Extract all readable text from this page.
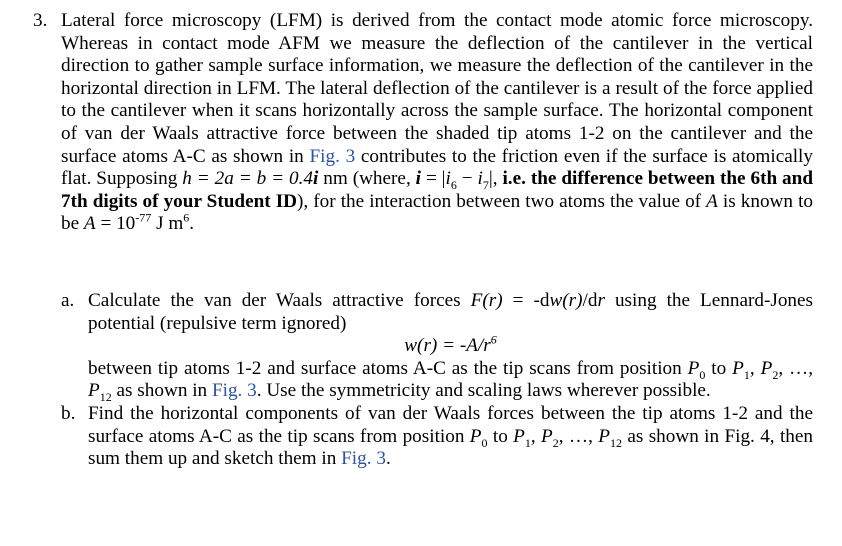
3. Lateral force microscopy (LFM) is derived from the contact mode atomic force microscopy. Whereas in contact mode AFM we measure the deflection of the cantilever in the vertical direction to gather sample surface information, we measure the deflection of the cantilever in the horizontal direction in LFM. The lateral deflection of the cantilever is a result of the force applied to the cantilever when it scans horizontally across the sample surface. The horizontal component of van der Waals attractive force between the shaded tip atoms 1-2 on the cantilever and the surface atoms A-C as shown in Fig. 3 contributes to the friction even if the surface is atomically flat. Supposing h = 2a = b = 0.4i nm (where, $i = |i_6 - i_7|$, i.e. the difference between the 6th and 7th digits of your Student ID), for the interaction between two atoms the value of A is known to be $A = 10^{-77}$ J $m^6$.
a. Calculate the van der Waals attractive forces F(r) = -dw(r)/dr using the Lennard-Jones potential (repulsive term ignored)
$w(r) = -A/r^6$
between tip atoms 1-2 and surface atoms A-C as the tip scans from position $P_0$ to $P_1$, $P_2$, …, $P_{12}$ as shown in Fig. 3. Use the symmetricity and scaling laws wherever possible.
b. Find the horizontal components of van der Waals forces between the tip atoms 1-2 and the surface atoms A-C as the tip scans from position $P_0$ to $P_1$, $P_2$, …, $P_{12}$ as shown in Fig. 4, then sum them up and sketch them in Fig. 3.
